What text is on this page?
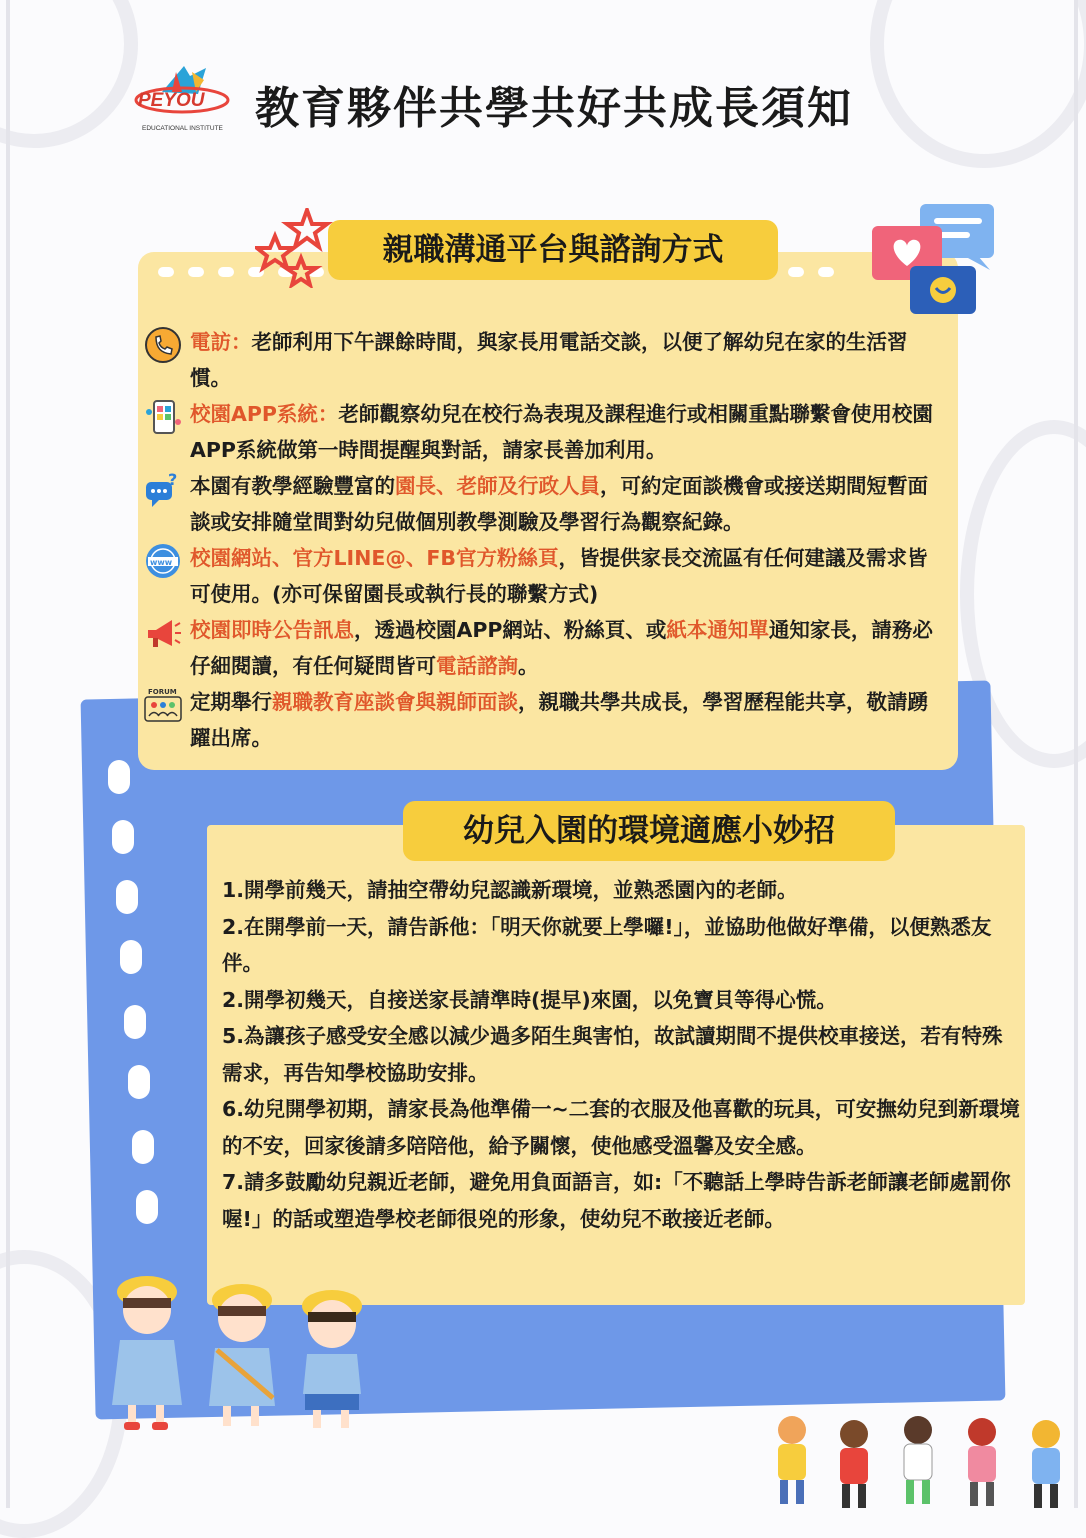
PEYOU
EDUCATIONAL INSTITUTE 教育夥伴共學共好共成長須知
親職溝通平台與諮詢方式
電訪：老師利用下午課餘時間，與家長用電話交談，以便了解幼兒在家的生活習慣。
校園APP系統：老師觀察幼兒在校行為表現及課程進行或相關重點聯繫會使用校園APP系統做第一時間提醒與對話，請家長善加利用。
? 本園有教學經驗豐富的園長、老師及行政人員，可約定面談機會或接送期間短暫面談或安排隨堂間對幼兒做個別教學測驗及學習行為觀察紀錄。
www 校園網站、官方LINE@、FB官方粉絲頁，皆提供家長交流區有任何建議及需求皆可使用。(亦可保留園長或執行長的聯繫方式)
校園即時公告訊息，透過校園APP網站、粉絲頁、或紙本通知單通知家長，請務必仔細閱讀，有任何疑問皆可電話諮詢。
FORUM 定期舉行親職教育座談會與親師面談，親職共學共成長，學習歷程能共享，敬請踴躍出席。
幼兒入園的環境適應小妙招

1.開學前幾天，請抽空帶幼兒認識新環境，並熟悉園內的老師。

2.在開學前一天，請告訴他：「明天你就要上學囉!」，並協助他做好準備，以便熟悉友伴。

2.開學初幾天，自接送家長請準時(提早)來園，以免寶貝等得心慌。

5.為讓孩子感受安全感以減少過多陌生與害怕，故試讀期間不提供校車接送，若有特殊需求，再告知學校協助安排。

6.幼兒開學初期，請家長為他準備一~二套的衣服及他喜歡的玩具，可安撫幼兒到新環境的不安，回家後請多陪陪他，給予關懷，使他感受溫馨及安全感。

7.請多鼓勵幼兒親近老師，避免用負面語言，如:「不聽話上學時告訴老師讓老師處罰你喔!」的話或塑造學校老師很兇的形象，使幼兒不敢接近老師。
